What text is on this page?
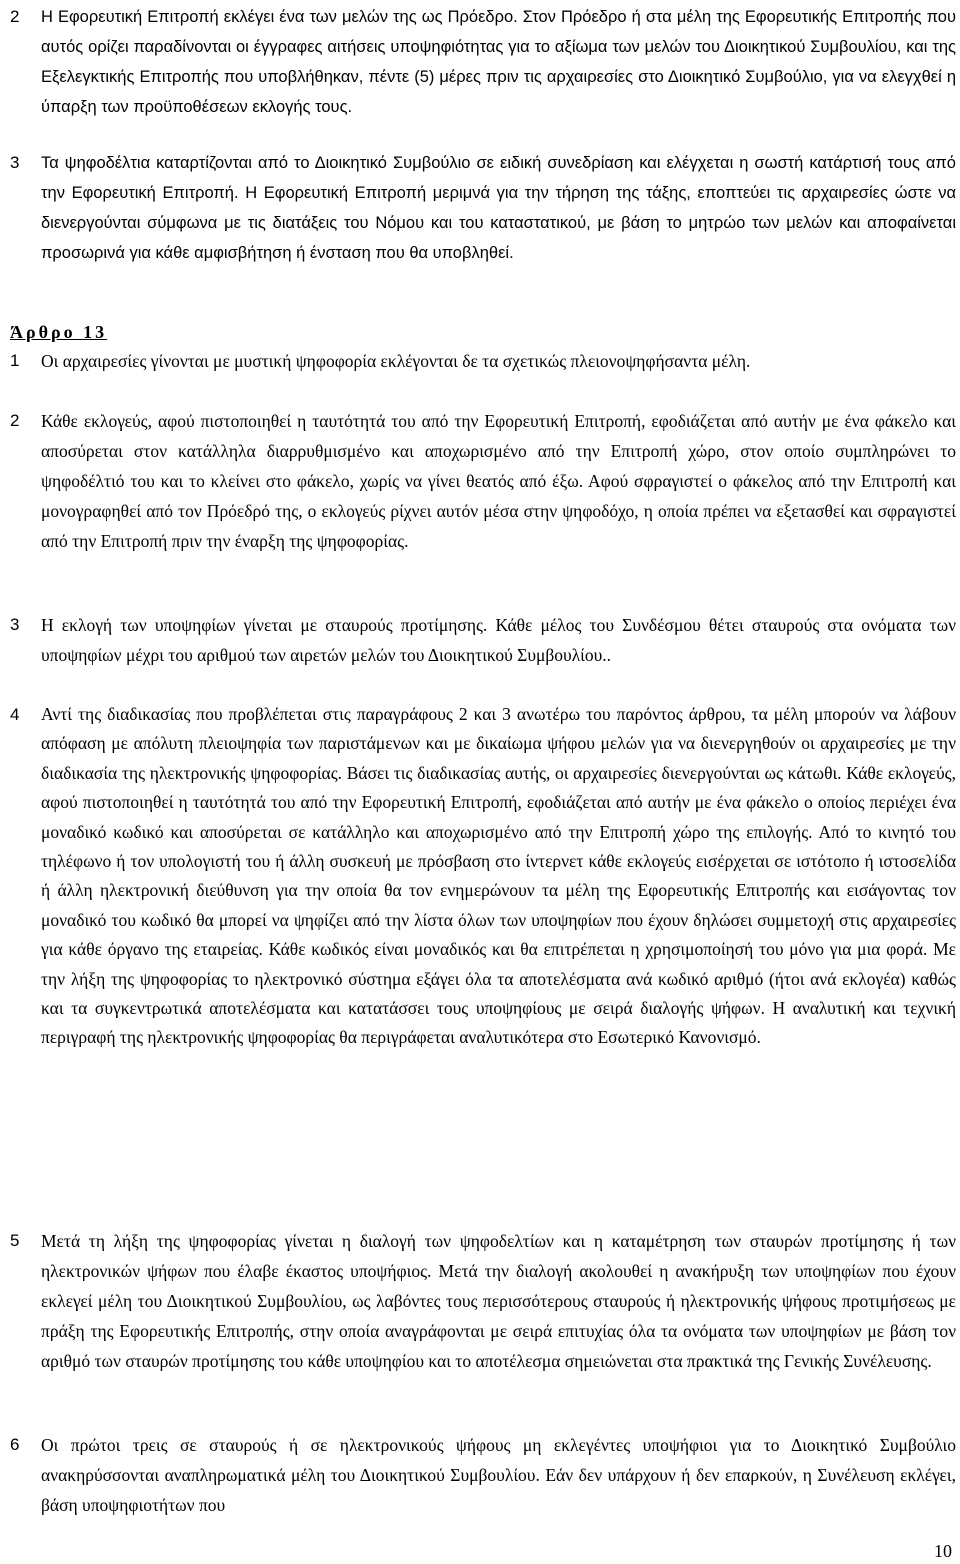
2 Η Εφορευτική Επιτροπή εκλέγει ένα των μελών της ως Πρόεδρο. Στον Πρόεδρο ή στα μέλη της Εφορευτικής Επιτροπής που αυτός ορίζει παραδίνονται οι έγγραφες αιτήσεις υποψηφιότητας για το αξίωμα των μελών του Διοικητικού Συμβουλίου, και της Εξελεγκτικής Επιτροπής που υποβλήθηκαν, πέντε (5) μέρες πριν τις αρχαιρεσίες στο Διοικητικό Συμβούλιο, για να ελεγχθεί η ύπαρξη των προϋποθέσεων εκλογής τους.
3 Τα ψηφοδέλτια καταρτίζονται από το Διοικητικό Συμβούλιο σε ειδική συνεδρίαση και ελέγχεται η σωστή κατάρτισή τους από την Εφορευτική Επιτροπή. Η Εφορευτική Επιτροπή μεριμνά για την τήρηση της τάξης, εποπτεύει τις αρχαιρεσίες ώστε να διενεργούνται σύμφωνα με τις διατάξεις του Νόμου και του καταστατικού, με βάση το μητρώο των μελών και αποφαίνεται προσωρινά για κάθε αμφισβήτηση ή ένσταση που θα υποβληθεί.
Άρθρο 13
1 Οι αρχαιρεσίες γίνονται με μυστική ψηφοφορία εκλέγονται δε τα σχετικώς πλειονοψηφήσαντα μέλη.
2 Κάθε εκλογεύς, αφού πιστοποιηθεί η ταυτότητά του από την Εφορευτική Επιτροπή, εφοδιάζεται από αυτήν με ένα φάκελο και αποσύρεται στον κατάλληλα διαρρυθμισμένο και αποχωρισμένο από την Επιτροπή χώρο, στον οποίο συμπληρώνει το ψηφοδέλτιό του και το κλείνει στο φάκελο, χωρίς να γίνει θεατός από έξω. Αφού σφραγιστεί ο φάκελος από την Επιτροπή και μονογραφηθεί από τον Πρόεδρό της, ο εκλογεύς ρίχνει αυτόν μέσα στην ψηφοδόχο, η οποία πρέπει να εξετασθεί και σφραγιστεί από την Επιτροπή πριν την έναρξη της ψηφοφορίας.
3 Η εκλογή των υποψηφίων γίνεται με σταυρούς προτίμησης. Κάθε μέλος του Συνδέσμου θέτει σταυρούς στα ονόματα των υποψηφίων μέχρι του αριθμού των αιρετών μελών του Διοικητικού Συμβουλίου..
4 Αντί της διαδικασίας που προβλέπεται στις παραγράφους 2 και 3 ανωτέρω του παρόντος άρθρου, τα μέλη μπορούν να λάβουν απόφαση με απόλυτη πλειοψηφία των παριστάμενων και με δικαίωμα ψήφου μελών για να διενεργηθούν οι αρχαιρεσίες με την διαδικασία της ηλεκτρονικής ψηφοφορίας. Βάσει τις διαδικασίας αυτής, οι αρχαιρεσίες διενεργούνται ως κάτωθι. Κάθε εκλογεύς, αφού πιστοποιηθεί η ταυτότητά του από την Εφορευτική Επιτροπή, εφοδιάζεται από αυτήν με ένα φάκελο ο οποίος περιέχει ένα μοναδικό κωδικό και αποσύρεται σε κατάλληλο και αποχωρισμένο από την Επιτροπή χώρο της επιλογής. Από το κινητό του τηλέφωνο ή τον υπολογιστή του ή άλλη συσκευή με πρόσβαση στο ίντερνετ κάθε εκλογεύς εισέρχεται σε ιστότοπο ή ιστοσελίδα ή άλλη ηλεκτρονική διεύθυνση για την οποία θα τον ενημερώνουν τα μέλη της Εφορευτικής Επιτροπής και εισάγοντας τον μοναδικό του κωδικό θα μπορεί να ψηφίζει από την λίστα όλων των υποψηφίων που έχουν δηλώσει συμμετοχή στις αρχαιρεσίες για κάθε όργανο της εταιρείας. Κάθε κωδικός είναι μοναδικός και θα επιτρέπεται η χρησιμοποίησή του μόνο για μια φορά. Με την λήξη της ψηφοφορίας το ηλεκτρονικό σύστημα εξάγει όλα τα αποτελέσματα ανά κωδικό αριθμό (ήτοι ανά εκλογέα) καθώς και τα συγκεντρωτικά αποτελέσματα και κατατάσσει τους υποψηφίους με σειρά διαλογής ψήφων. Η αναλυτική και τεχνική περιγραφή της ηλεκτρονικής ψηφοφορίας θα περιγράφεται αναλυτικότερα στο Εσωτερικό Κανονισμό.
5 Μετά τη λήξη της ψηφοφορίας γίνεται η διαλογή των ψηφοδελτίων και η καταμέτρηση των σταυρών προτίμησης ή των ηλεκτρονικών ψήφων που έλαβε έκαστος υποψήφιος. Μετά την διαλογή ακολουθεί η ανακήρυξη των υποψηφίων που έχουν εκλεγεί μέλη του Διοικητικού Συμβουλίου, ως λαβόντες τους περισσότερους σταυρούς ή ηλεκτρονικής ψήφους προτιμήσεως με πράξη της Εφορευτικής Επιτροπής, στην οποία αναγράφονται με σειρά επιτυχίας όλα τα ονόματα των υποψηφίων με βάση τον αριθμό των σταυρών προτίμησης του κάθε υποψηφίου και το αποτέλεσμα σημειώνεται στα πρακτικά της Γενικής Συνέλευσης.
6 Οι πρώτοι τρεις σε σταυρούς ή σε ηλεκτρονικούς ψήφους μη εκλεγέντες υποψήφιοι για το Διοικητικό Συμβούλιο ανακηρύσσονται αναπληρωματικά μέλη του Διοικητικού Συμβουλίου. Εάν δεν υπάρχουν ή δεν επαρκούν, η Συνέλευση εκλέγει, βάση υποψηφιοτήτων που
10
